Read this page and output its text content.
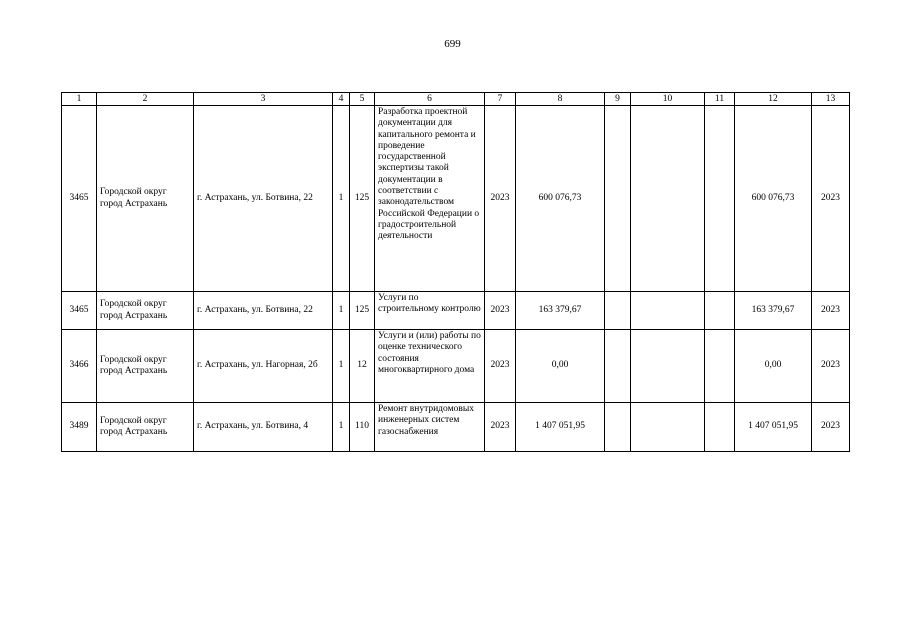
699
1	2	3	4	5	6	7	8	9	10	11	12	13
3465	Городской округ город Астрахань	г. Астрахань, ул. Ботвина, 22	1	125	Разработка проектной документации для капитального ремонта и проведение государственной экспертизы такой документации в соответствии с законодательством Российской Федерации о градостроительной деятельности	2023	600 076,73				600 076,73	2023
3465	Городской округ город Астрахань	г. Астрахань, ул. Ботвина, 22	1	125	Услуги по строительному контролю	2023	163 379,67				163 379,67	2023
3466	Городской округ город Астрахань	г. Астрахань, ул. Нагорная, 2б	1	12	Услуги и (или) работы по оценке технического состояния многоквартирного дома	2023	0,00				0,00	2023
3489	Городской округ город Астрахань	г. Астрахань, ул. Ботвина, 4	1	110	Ремонт внутридомовых инженерных систем газоснабжения	2023	1 407 051,95				1 407 051,95	2023
